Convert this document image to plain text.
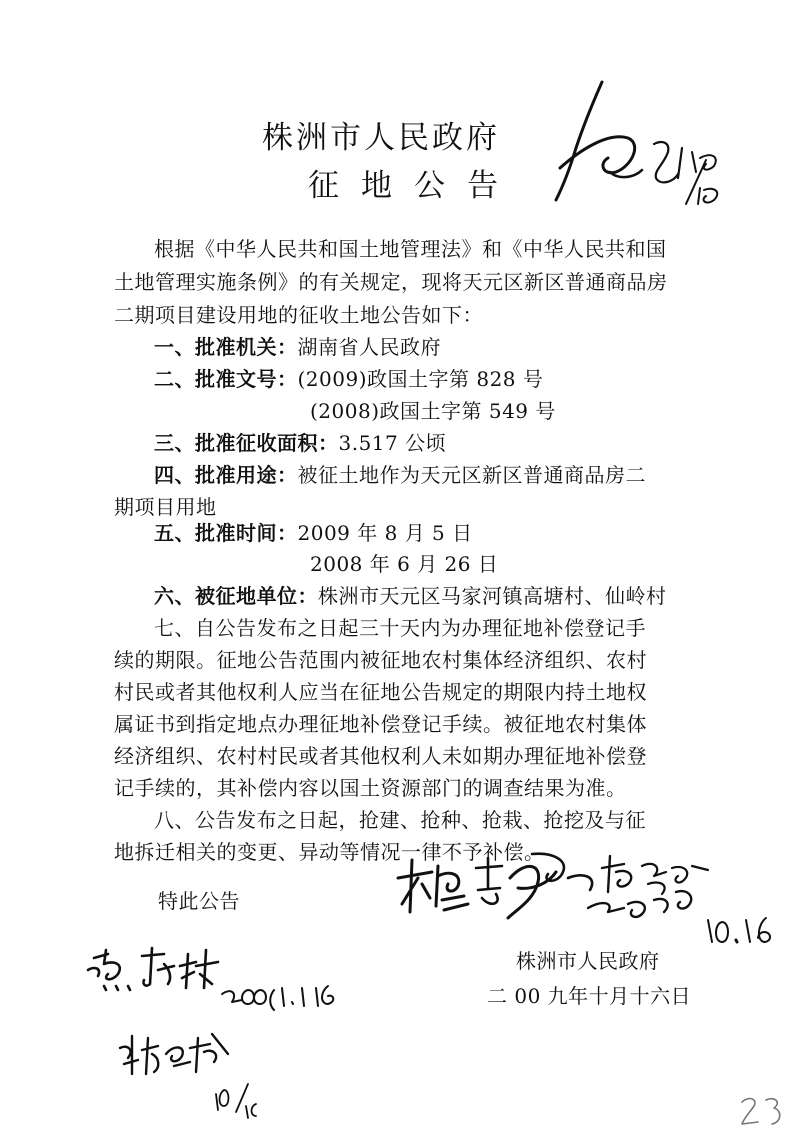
株洲市人民政府
征地公告
根据《中华人民共和国土地管理法》和《中华人民共和国
土地管理实施条例》的有关规定，现将天元区新区普通商品房
二期项目建设用地的征收土地公告如下：
一、批准机关：湖南省人民政府
二、批准文号：(2009)政国土字第 828 号
(2008)政国土字第 549 号
三、批准征收面积：3.517 公顷
四、批准用途：被征土地作为天元区新区普通商品房二
期项目用地
五、批准时间：2009 年 8 月 5 日
2008 年 6 月 26 日
六、被征地单位：株洲市天元区马家河镇高塘村、仙岭村
七、自公告发布之日起三十天内为办理征地补偿登记手
续的期限。征地公告范围内被征地农村集体经济组织、农村
村民或者其他权利人应当在征地公告规定的期限内持土地权
属证书到指定地点办理征地补偿登记手续。被征地农村集体
经济组织、农村村民或者其他权利人未如期办理征地补偿登
记手续的，其补偿内容以国土资源部门的调查结果为准。
八、公告发布之日起，抢建、抢种、抢栽、抢挖及与征
地拆迁相关的变更、异动等情况一律不予补偿。
特此公告
株洲市人民政府
二 00 九年十月十六日
